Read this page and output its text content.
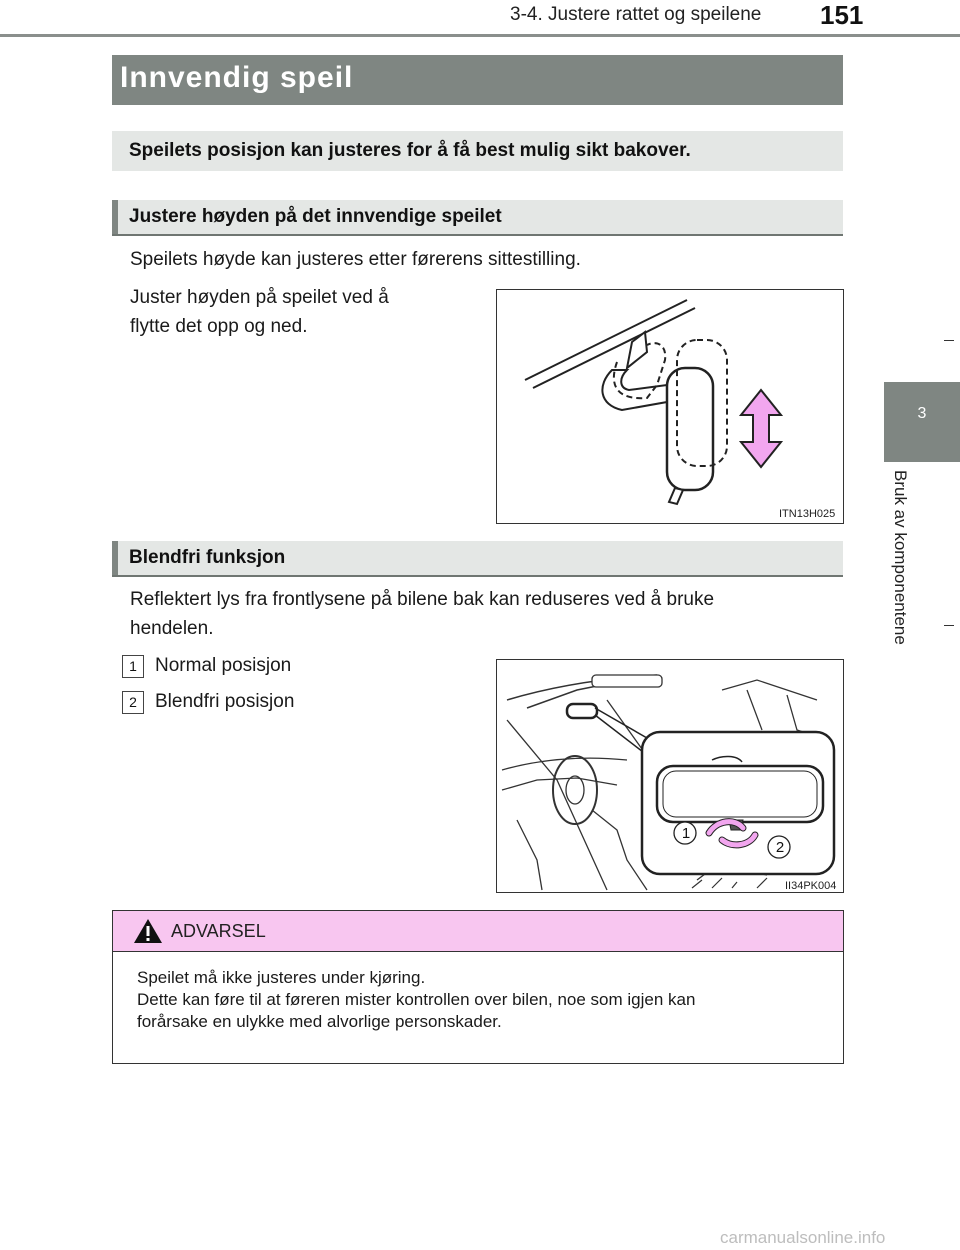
3-4. Justere rattet og speilene 151
3
Bruk av komponentene
Innvendig speil
Speilets posisjon kan justeres for å få best mulig sikt bakover.
Justere høyden på det innvendige speilet
Speilets høyde kan justeres etter førerens sittestilling.
Juster høyden på speilet ved å
flytte det opp og ned.
ITN13H025
Blendfri funksjon
Reflektert lys fra frontlysene på bilene bak kan reduseres ved å bruke
hendelen.
1 Normal posisjon
2 Blendfri posisjon
1
2
II34PK004
ADVARSEL
Speilet må ikke justeres under kjøring.
Dette kan føre til at føreren mister kontrollen over bilen, noe som igjen kan
forårsake en ulykke med alvorlige personskader.
carmanualsonline.info
